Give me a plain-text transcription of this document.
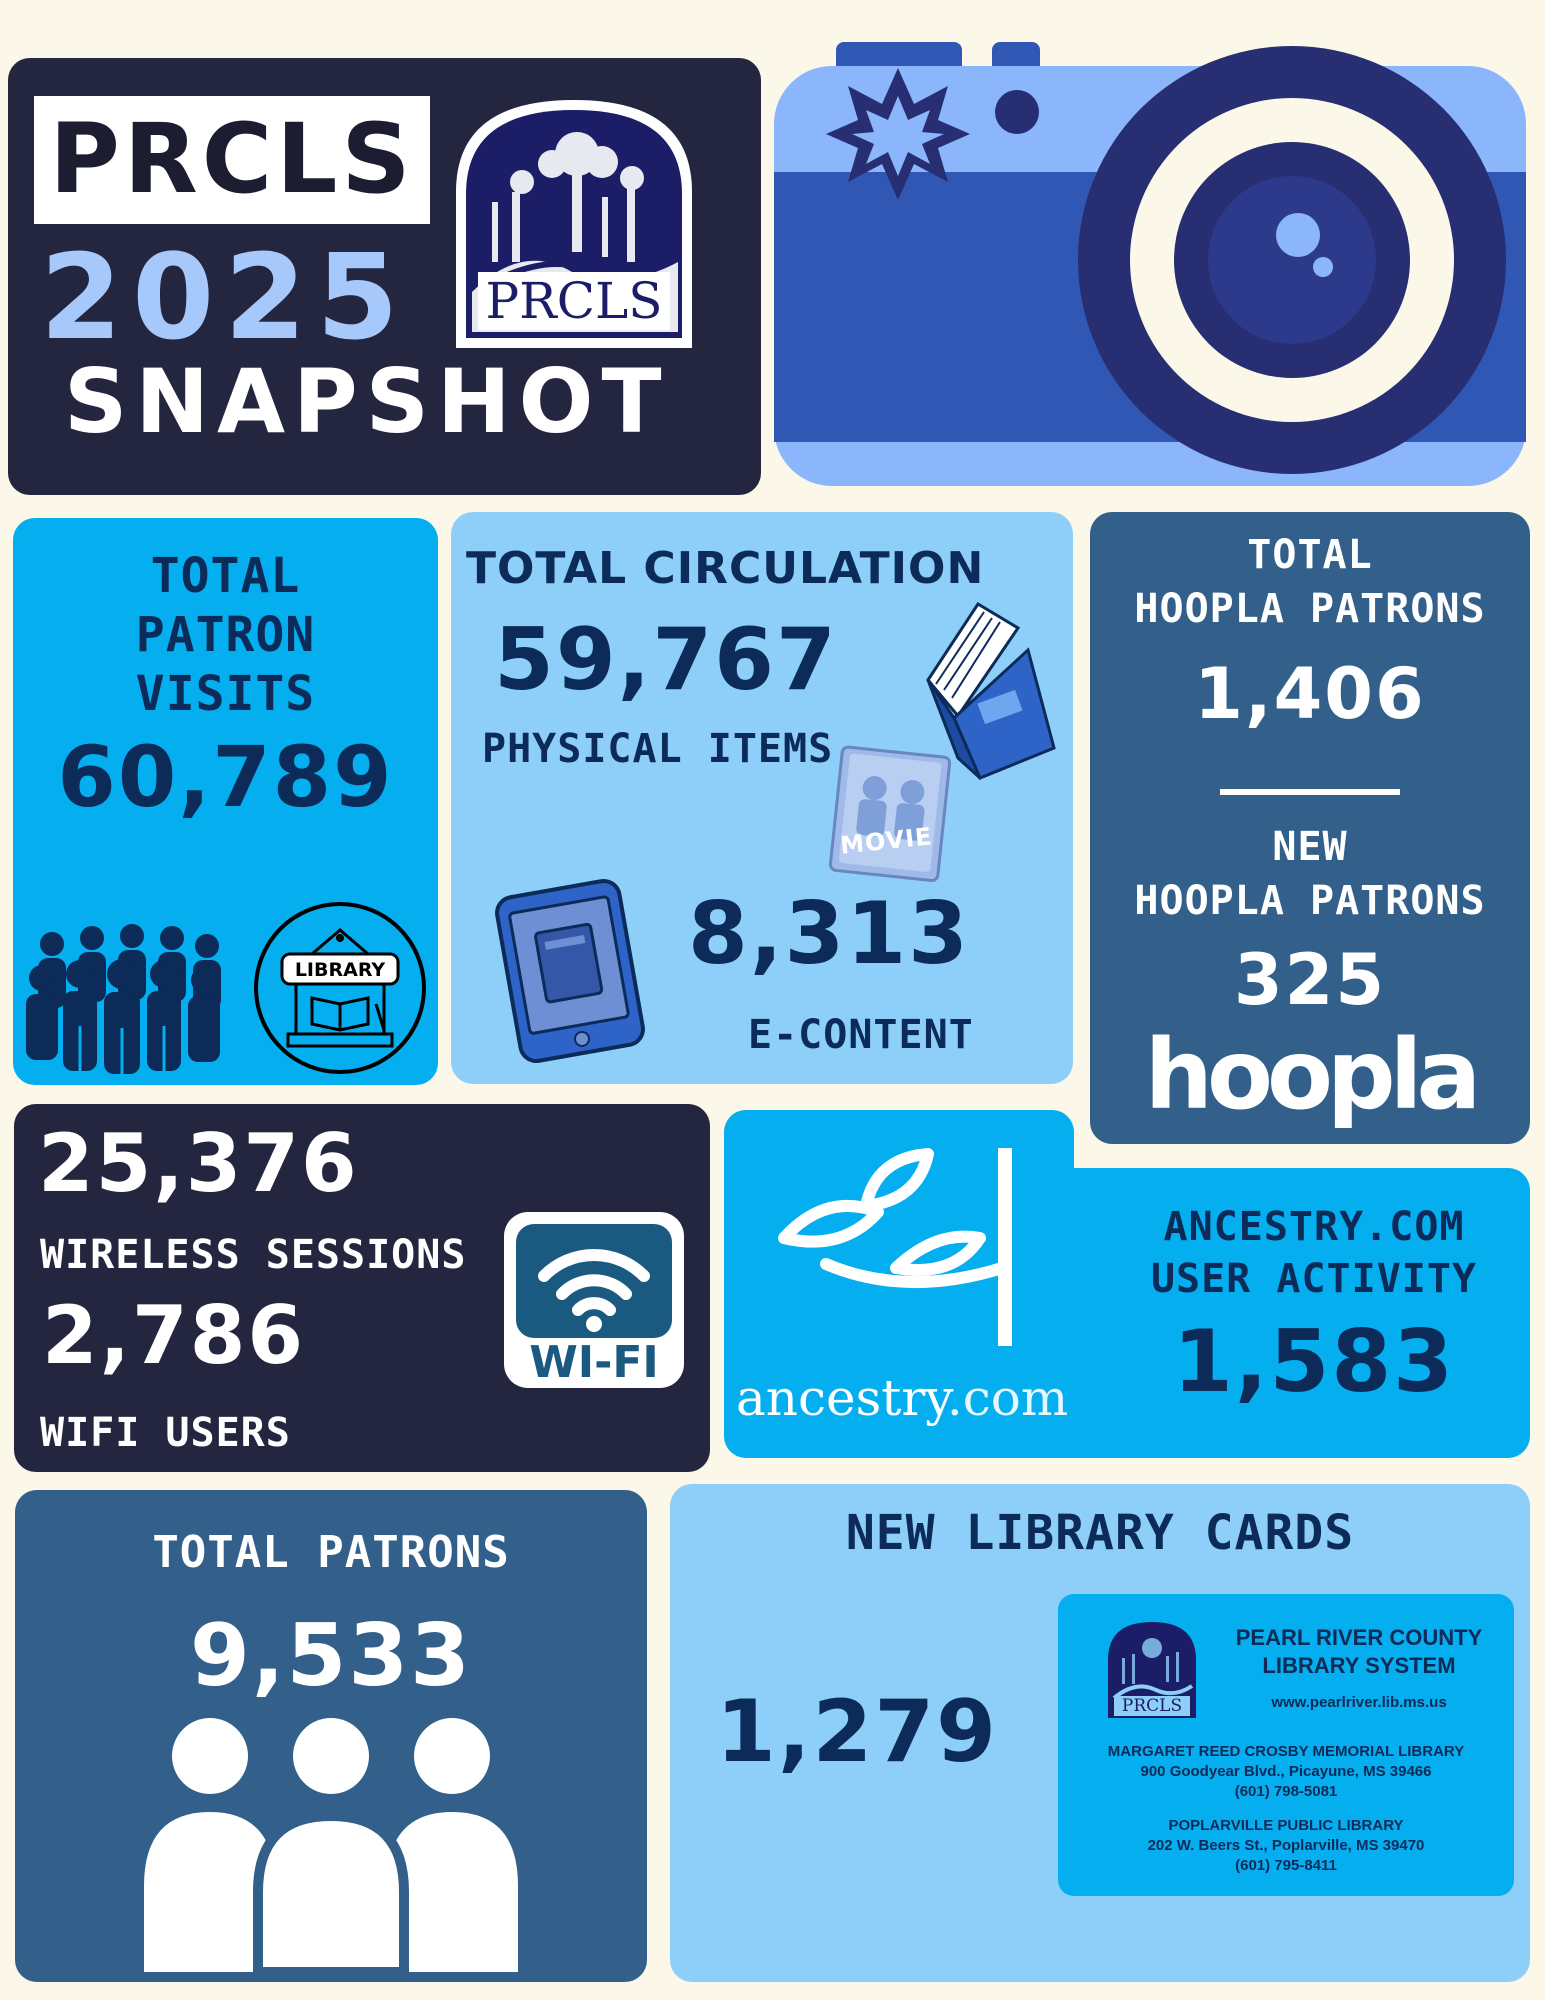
PRCLS
2025
SNAPSHOT
PRCLS
TOTAL
PATRON
VISITS
60,789
LIBRARY
TOTAL CIRCULATION
59,767
PHYSICAL ITEMS
MOVIE
8,313
E-CONTENT
TOTAL
HOOPLA PATRONS
1,406
NEW
HOOPLA PATRONS
325
hoopla
25,376
WIRELESS SESSIONS
2,786
WIFI USERS
WI-FI
ancestry.com
ANCESTRY.COM
USER ACTIVITY
1,583
TOTAL PATRONS
9,533
NEW LIBRARY CARDS
1,279	PRCLS
PEARL RIVER COUNTY
LIBRARY SYSTEM
www.pearlriver.lib.ms.us
MARGARET REED CROSBY MEMORIAL LIBRARY
900 Goodyear Blvd., Picayune, MS 39466
(601) 798-5081
POPLARVILLE PUBLIC LIBRARY
202 W. Beers St., Poplarville, MS 39470
(601) 795-8411
